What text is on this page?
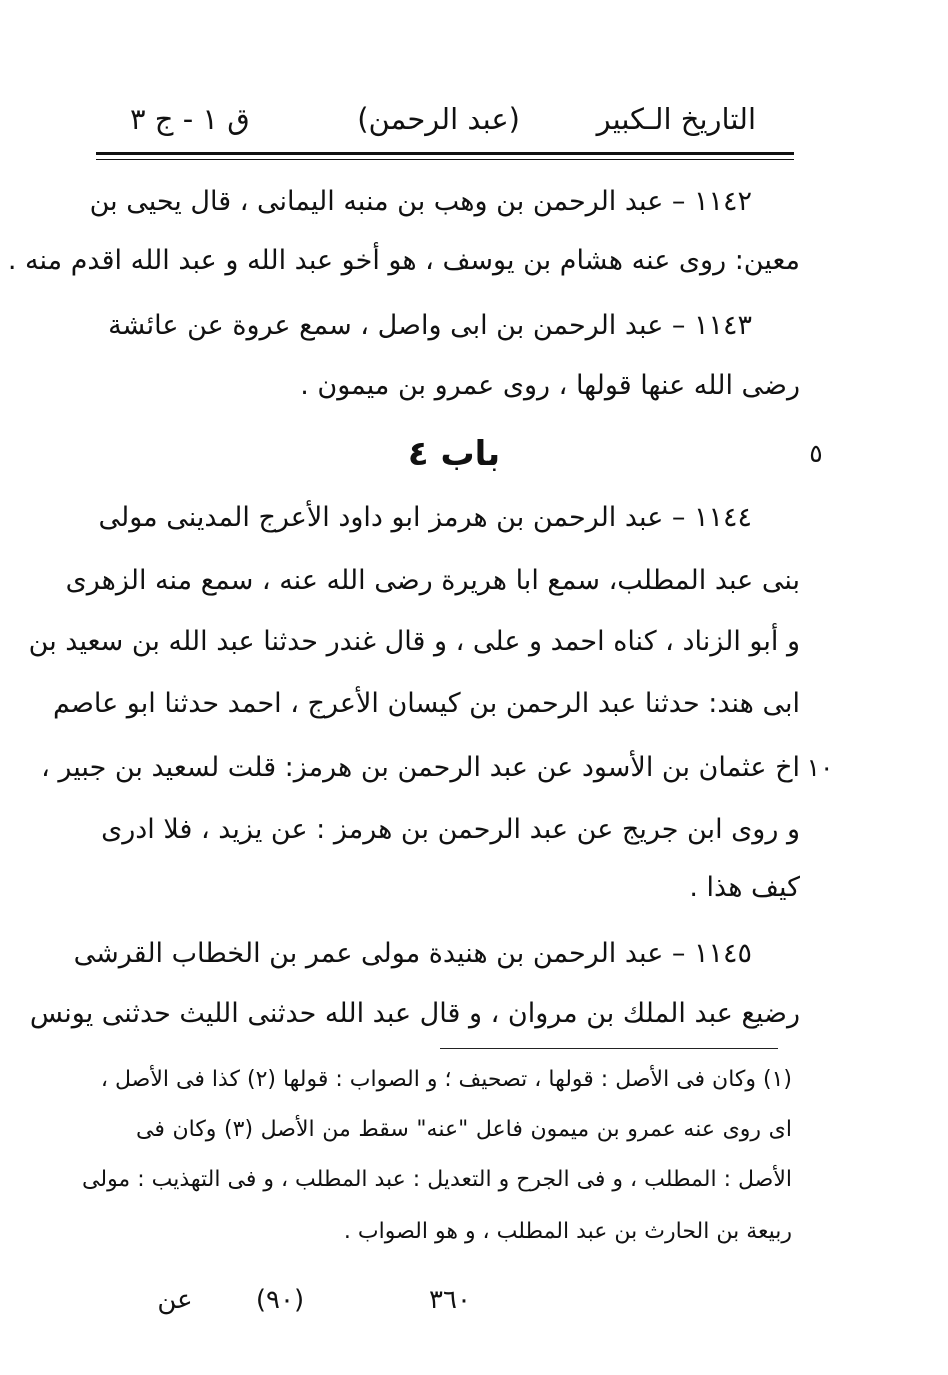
التاريخ الـكبير
(عبد الرحمن)
ق ١ - ج ٣
١١٤٢ – عبد الرحمن بن وهب بن منبه اليمانى ، قال يحيى بن
معين: روى عنه هشام بن يوسف ، هو أخو عبد الله و عبد الله اقدم منه .
١١٤٣ – عبد الرحمن بن ابى واصل ، سمع عروة عن عائشة
رضى الله عنها قولها ، روى عمرو بن ميمون .
باب ٤	٥
١١٤٤ – عبد الرحمن بن هرمز ابو داود الأعرج المدينى مولى
بنى عبد المطلب، سمع ابا هريرة رضى الله عنه ، سمع منه الزهرى
و أبو الزناد ، كناه احمد و على ، و قال غندر حدثنا عبد الله بن سعيد بن
ابى هند: حدثنا عبد الرحمن بن كيسان الأعرج ، احمد حدثنا ابو عاصم
اخ عثمان بن الأسود عن عبد الرحمن بن هرمز: قلت لسعيد بن جبير ، ١٠
و روى ابن جريج عن عبد الرحمن بن هرمز : عن يزيد ، فلا ادرى
كيف هذا .
١١٤٥ – عبد الرحمن بن هنيدة مولى عمر بن الخطاب القرشى
رضيع عبد الملك بن مروان ، و قال عبد الله حدثنى الليث حدثنى يونس
(١) وكان فى الأصل : قولها ، تصحيف ؛ و الصواب : قولها (٢) كذا فى الأصل ،
اى روى عنه عمرو بن ميمون فاعل "عنه" سقط من الأصل (٣) وكان فى
الأصل : المطلب ، و فى الجرح و التعديل : عبد المطلب ، و فى التهذيب : مولى
ربيعة بن الحارث بن عبد المطلب ، و هو الصواب .
٣٦٠
(٩٠)
عن
